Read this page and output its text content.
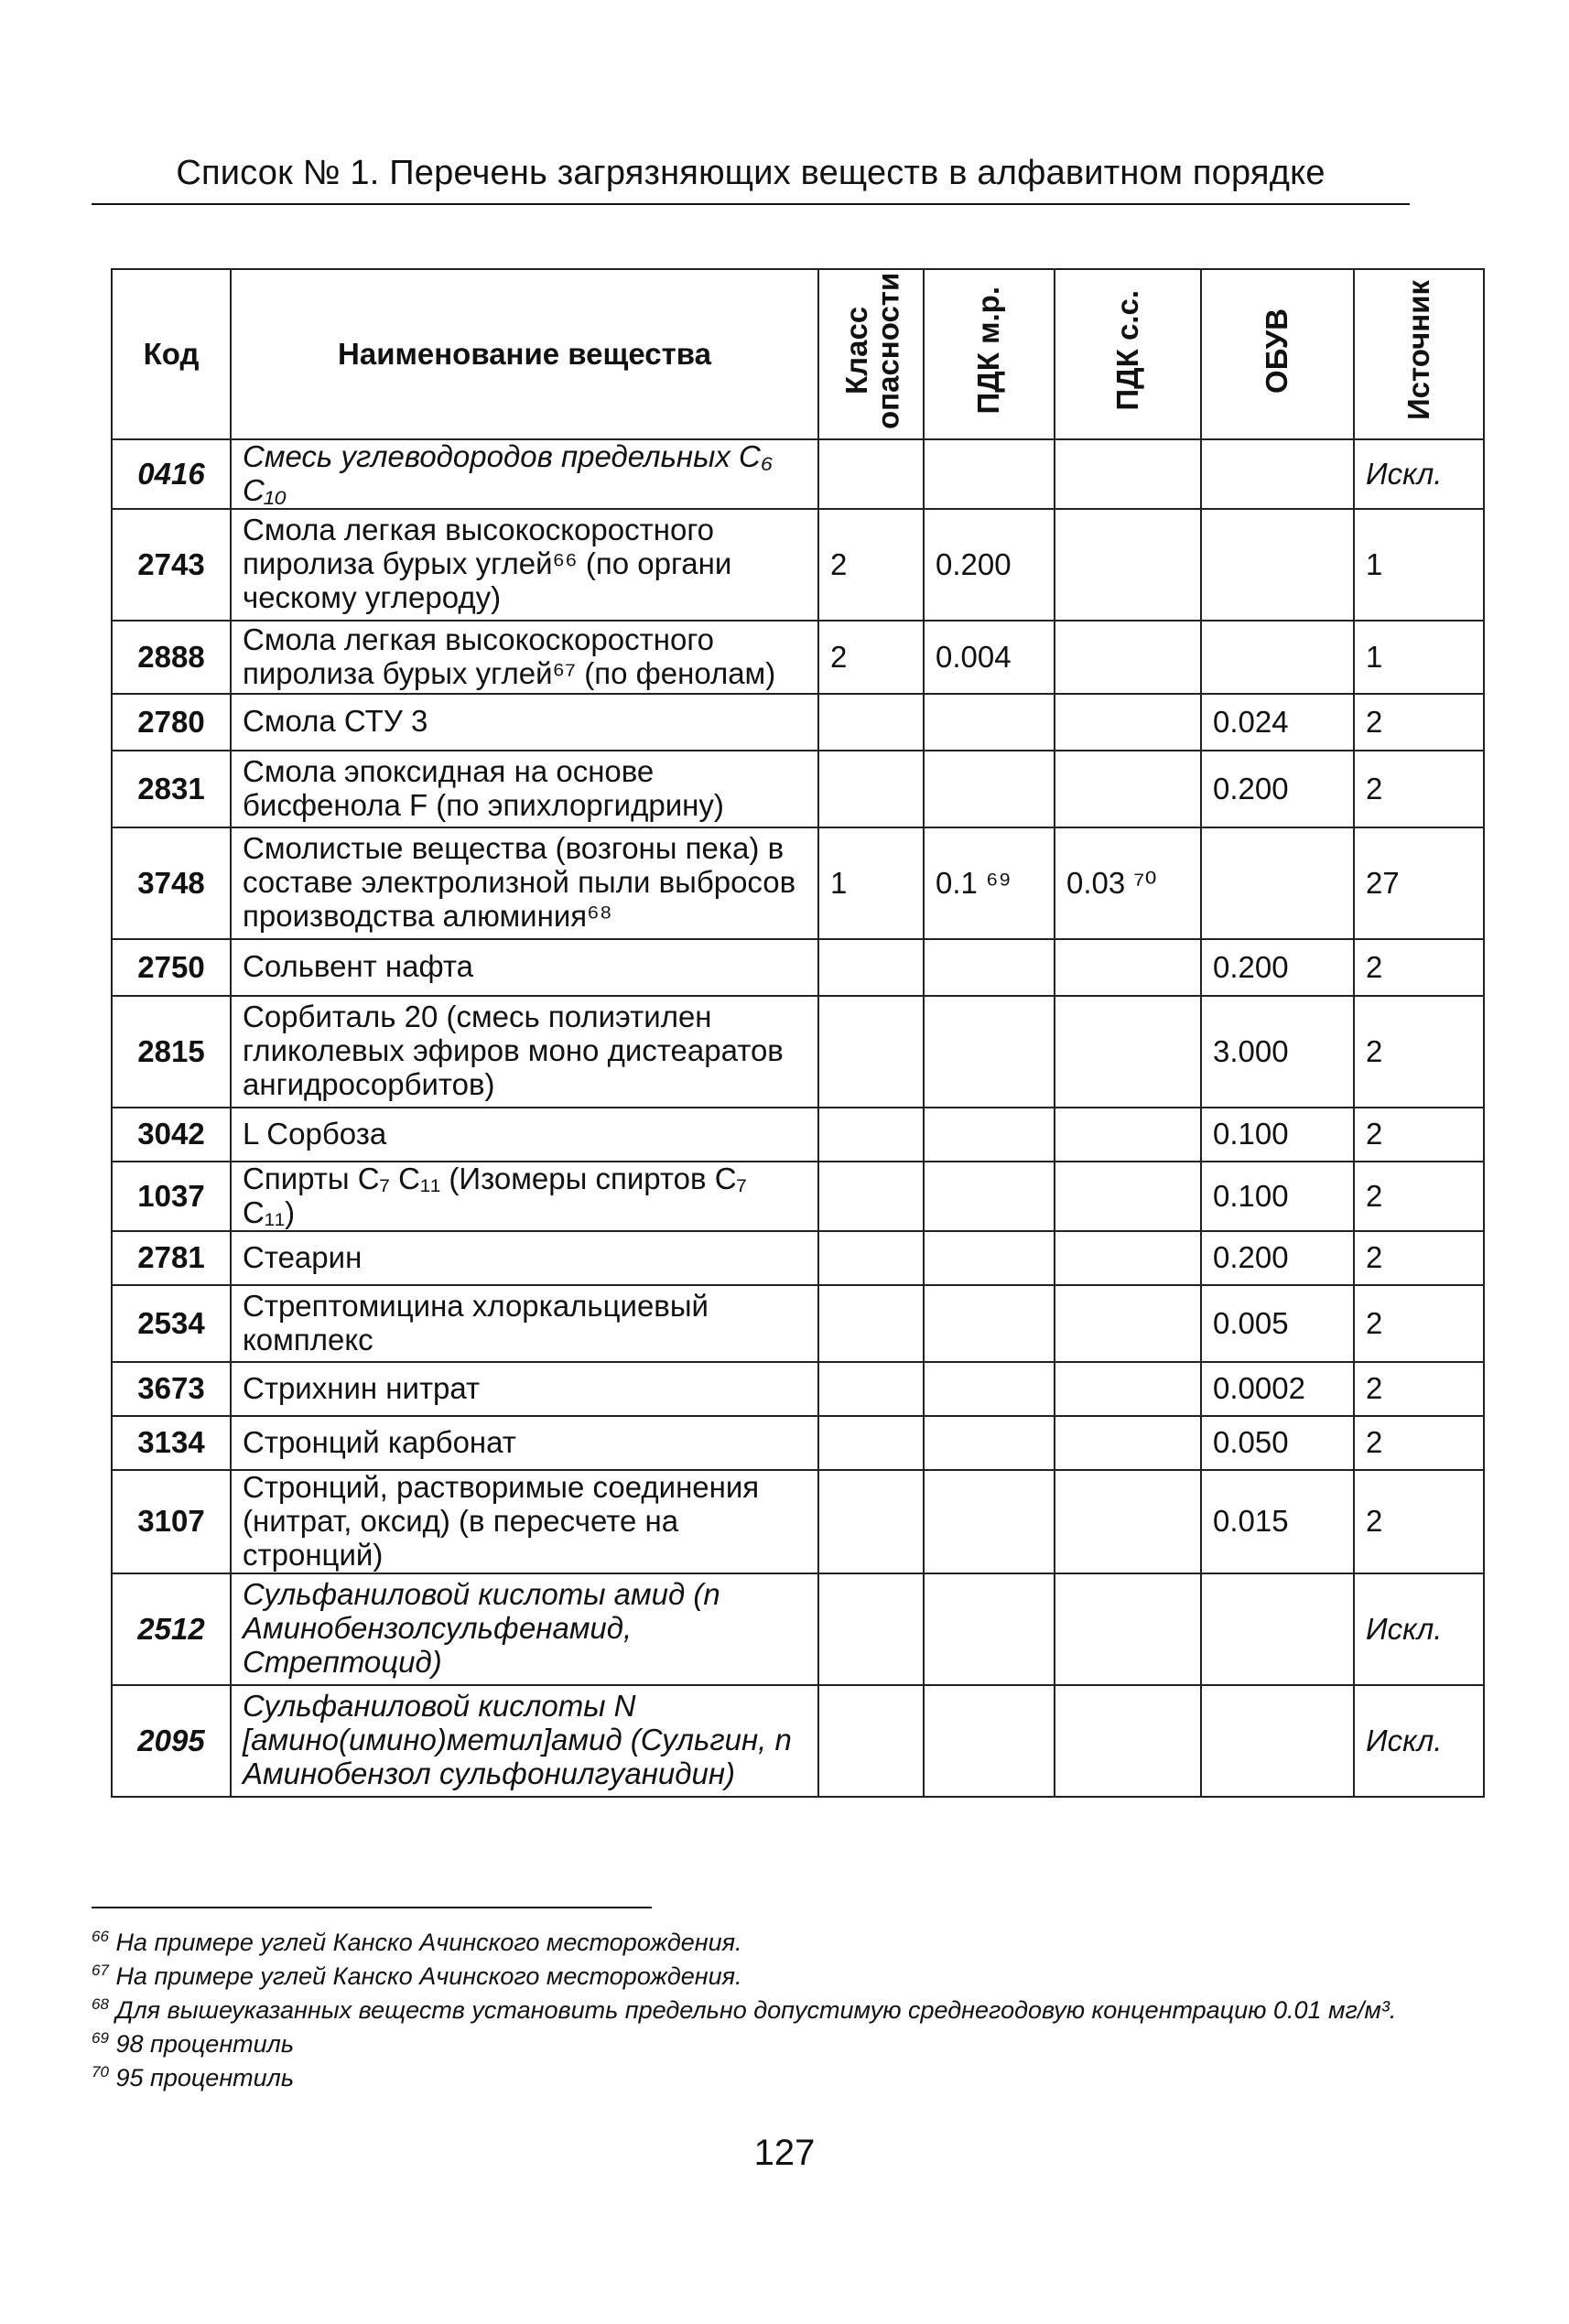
Список № 1. Перечень загрязняющих веществ в алфавитном порядке
Код	Наименование вещества	Класс опасности	ПДК м.р.	ПДК с.с.	ОБУВ	Источник
0416	Смесь углеводородов предельных C₆ C₁₀					Искл.
2743	Смола легкая высокоскоростного пиролиза бурых углей⁶⁶ (по органи ческому углероду)	2	0.200			1
2888	Смола легкая высокоскоростного пиролиза бурых углей⁶⁷ (по фенолам)	2	0.004			1
2780	Смола СТУ 3				0.024	2
2831	Смола эпоксидная на основе бисфенола F (по эпихлоргидрину)				0.200	2
3748	Смолистые вещества (возгоны пека) в составе электролизной пыли выбросов производства алюминия⁶⁸	1	0.1 ⁶⁹	0.03 ⁷⁰		27
2750	Сольвент нафта				0.200	2
2815	Сорбиталь 20 (смесь полиэтилен гликолевых эфиров моно дистеаратов ангидросорбитов)				3.000	2
3042	L Сорбоза				0.100	2
1037	Спирты C₇ C₁₁ (Изомеры спиртов C₇ C₁₁)				0.100	2
2781	Стеарин				0.200	2
2534	Стрептомицина хлоркальциевый комплекс				0.005	2
3673	Стрихнин нитрат				0.0002	2
3134	Стронций карбонат				0.050	2
3107	Стронций, растворимые соединения (нитрат, оксид) (в пересчете на стронций)				0.015	2
2512	Сульфаниловой кислоты амид (n Аминобензолсульфенамид, Стрептоцид)					Искл.
2095	Сульфаниловой кислоты N [амино(имино)метил]амид (Сульгин, n Аминобензол сульфонилгуанидин)					Искл.
$^{66}$ На примере углей Канско Ачинского месторождения.
$^{67}$ На примере углей Канско Ачинского месторождения.
$^{68}$ Для вышеуказанных веществ установить предельно допустимую среднегодовую концентрацию 0.01 мг/м³.
$^{69}$ 98 процентиль
$^{70}$ 95 процентиль
127
